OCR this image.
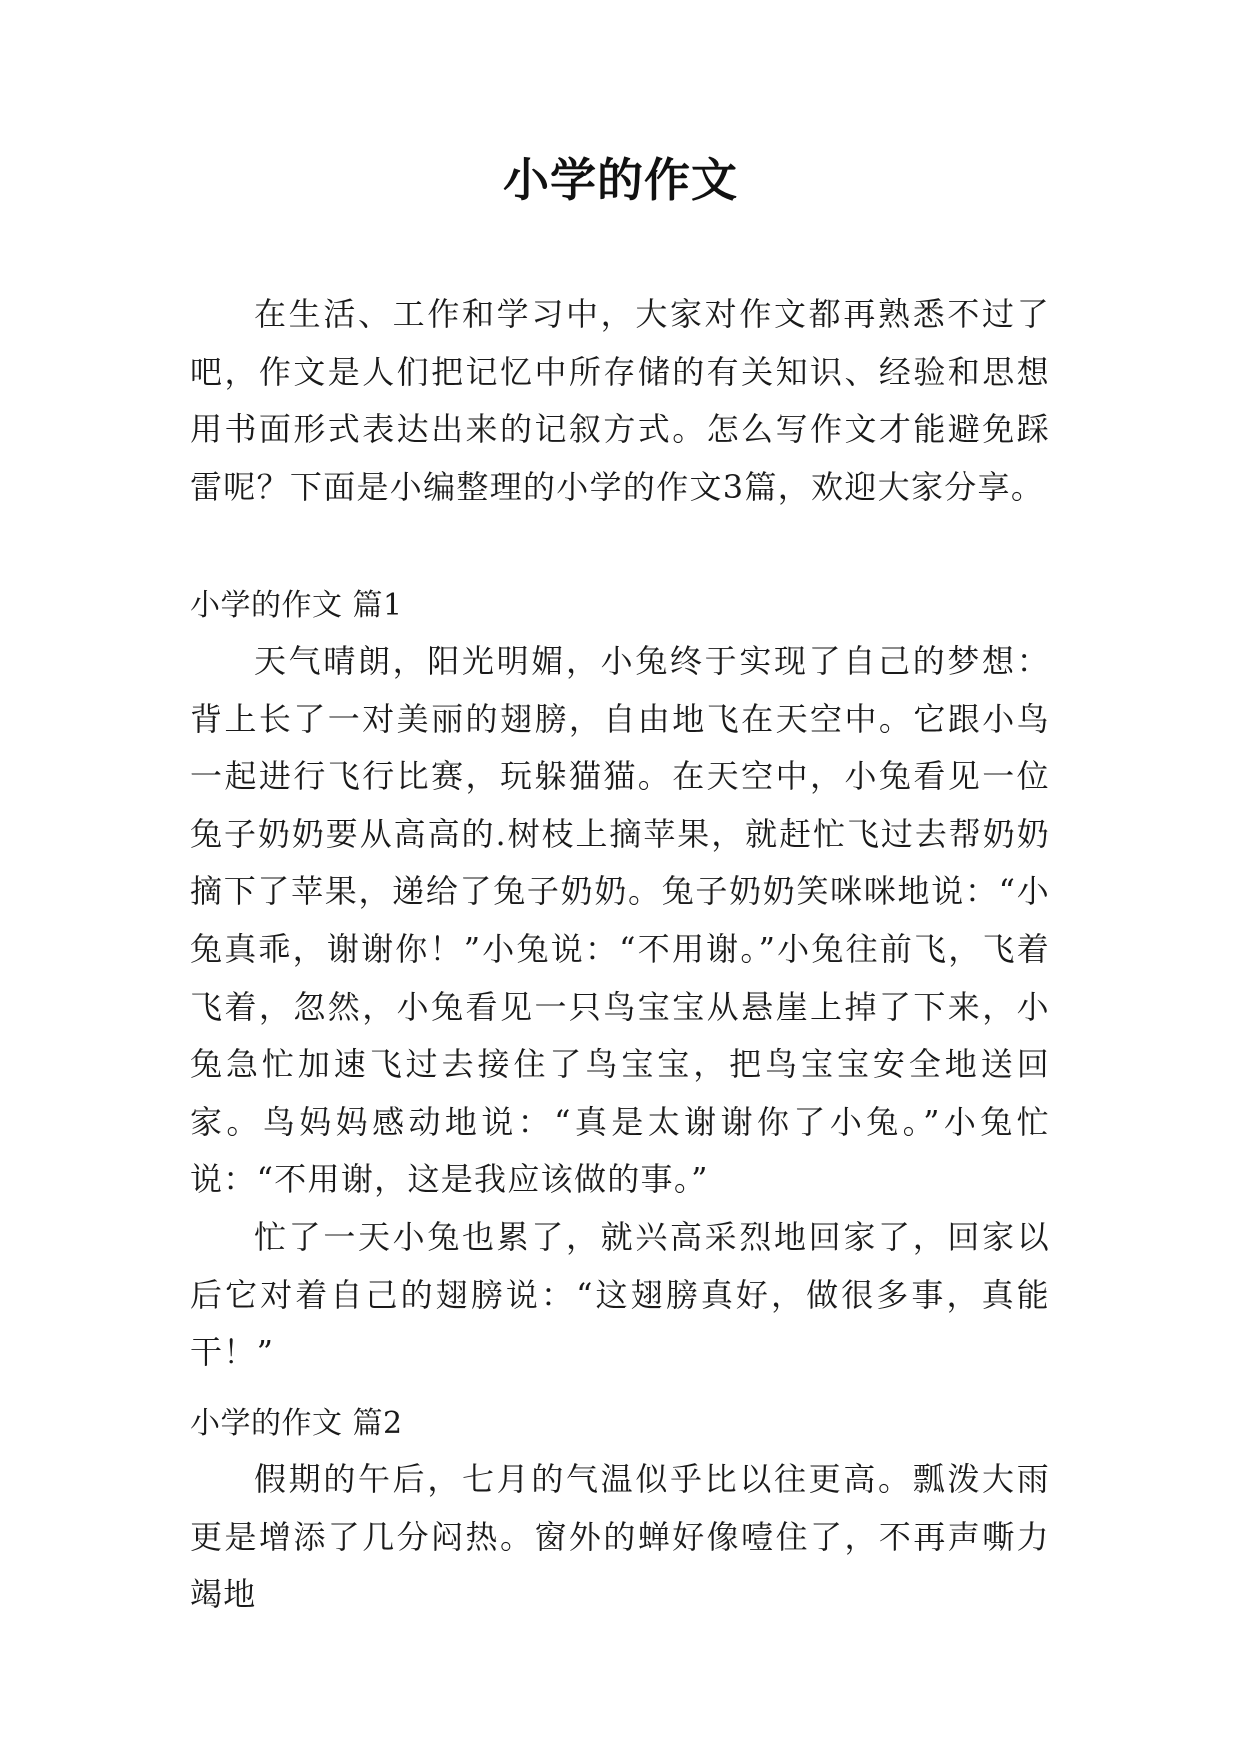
小学的作文

在生活、工作和学习中，大家对作文都再熟悉不过了吧，作文是人们把记忆中所存储的有关知识、经验和思想用书面形式表达出来的记叙方式。怎么写作文才能避免踩雷呢？下面是小编整理的小学的作文3篇，欢迎大家分享。

小学的作文 篇1

天气晴朗，阳光明媚，小兔终于实现了自己的梦想：背上长了一对美丽的翅膀，自由地飞在天空中。它跟小鸟一起进行飞行比赛，玩躲猫猫。在天空中，小兔看见一位兔子奶奶要从高高的.树枝上摘苹果，就赶忙飞过去帮奶奶摘下了苹果，递给了兔子奶奶。兔子奶奶笑咪咪地说：“小兔真乖，谢谢你！”小兔说：“不用谢。”小兔往前飞，飞着飞着，忽然，小兔看见一只鸟宝宝从悬崖上掉了下来，小兔急忙加速飞过去接住了鸟宝宝，把鸟宝宝安全地送回家。鸟妈妈感动地说：“真是太谢谢你了小兔。”小兔忙说：“不用谢，这是我应该做的事。”

忙了一天小兔也累了，就兴高采烈地回家了，回家以后它对着自己的翅膀说：“这翅膀真好，做很多事，真能干！”

小学的作文 篇2

假期的午后，七月的气温似乎比以往更高。瓢泼大雨更是增添了几分闷热。窗外的蝉好像噎住了，不再声嘶力竭地
